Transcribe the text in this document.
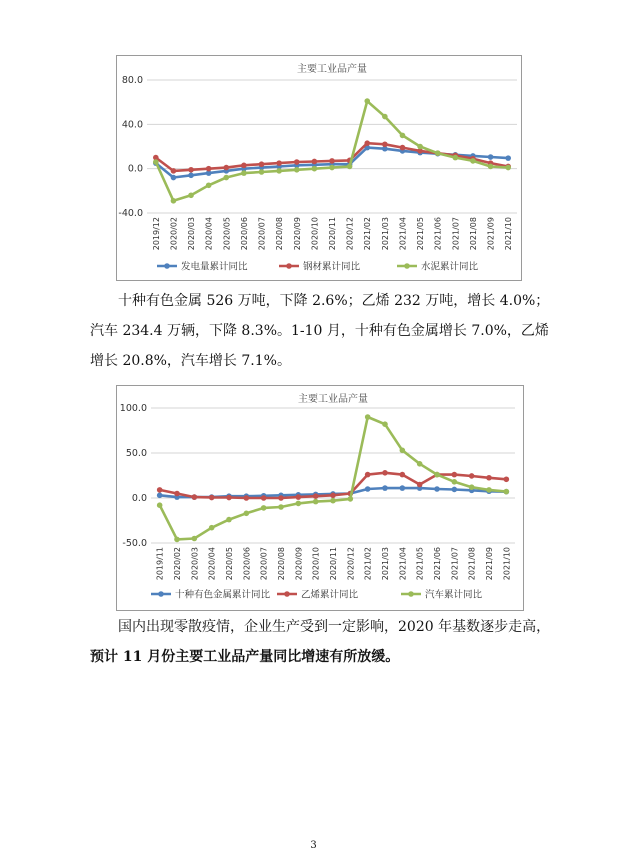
主要工业品产量
80.0
40.0
0.0
-40.0
2019/12 2020/02 2020/03 2020/04 2020/05 2020/06 2020/07 2020/08 2020/09 2020/10 2020/11 2020/12 2021/02 2021/03 2021/04 2021/05 2021/06 2021/07 2021/08 2021/09 2021/10
发电量累计同比	钢材累计同比	水泥累计同比
主要工业品产量
100.0
50.0
0.0
-50.0
2019/11 2020/02 2020/03 2020/04 2020/05 2020/06 2020/07 2020/08 2020/09 2020/10 2020/11 2020/12 2021/02 2021/03 2021/04 2021/05 2021/06 2021/07 2021/08 2021/09 2021/10
十种有色金属累计同比	乙烯累计同比	汽车累计同比

十种有色金属 526 万吨，下降 2.6%；乙烯 232 万吨，增长 4.0%；汽车 234.4 万辆，下降 8.3%。1-10 月，十种有色金属增长 7.0%，乙烯增长 20.8%，汽车增长 7.1%。

国内出现零散疫情，企业生产受到一定影响，2020 年基数逐步走高，预计 11 月份主要工业品产量同比增速有所放缓。

3
